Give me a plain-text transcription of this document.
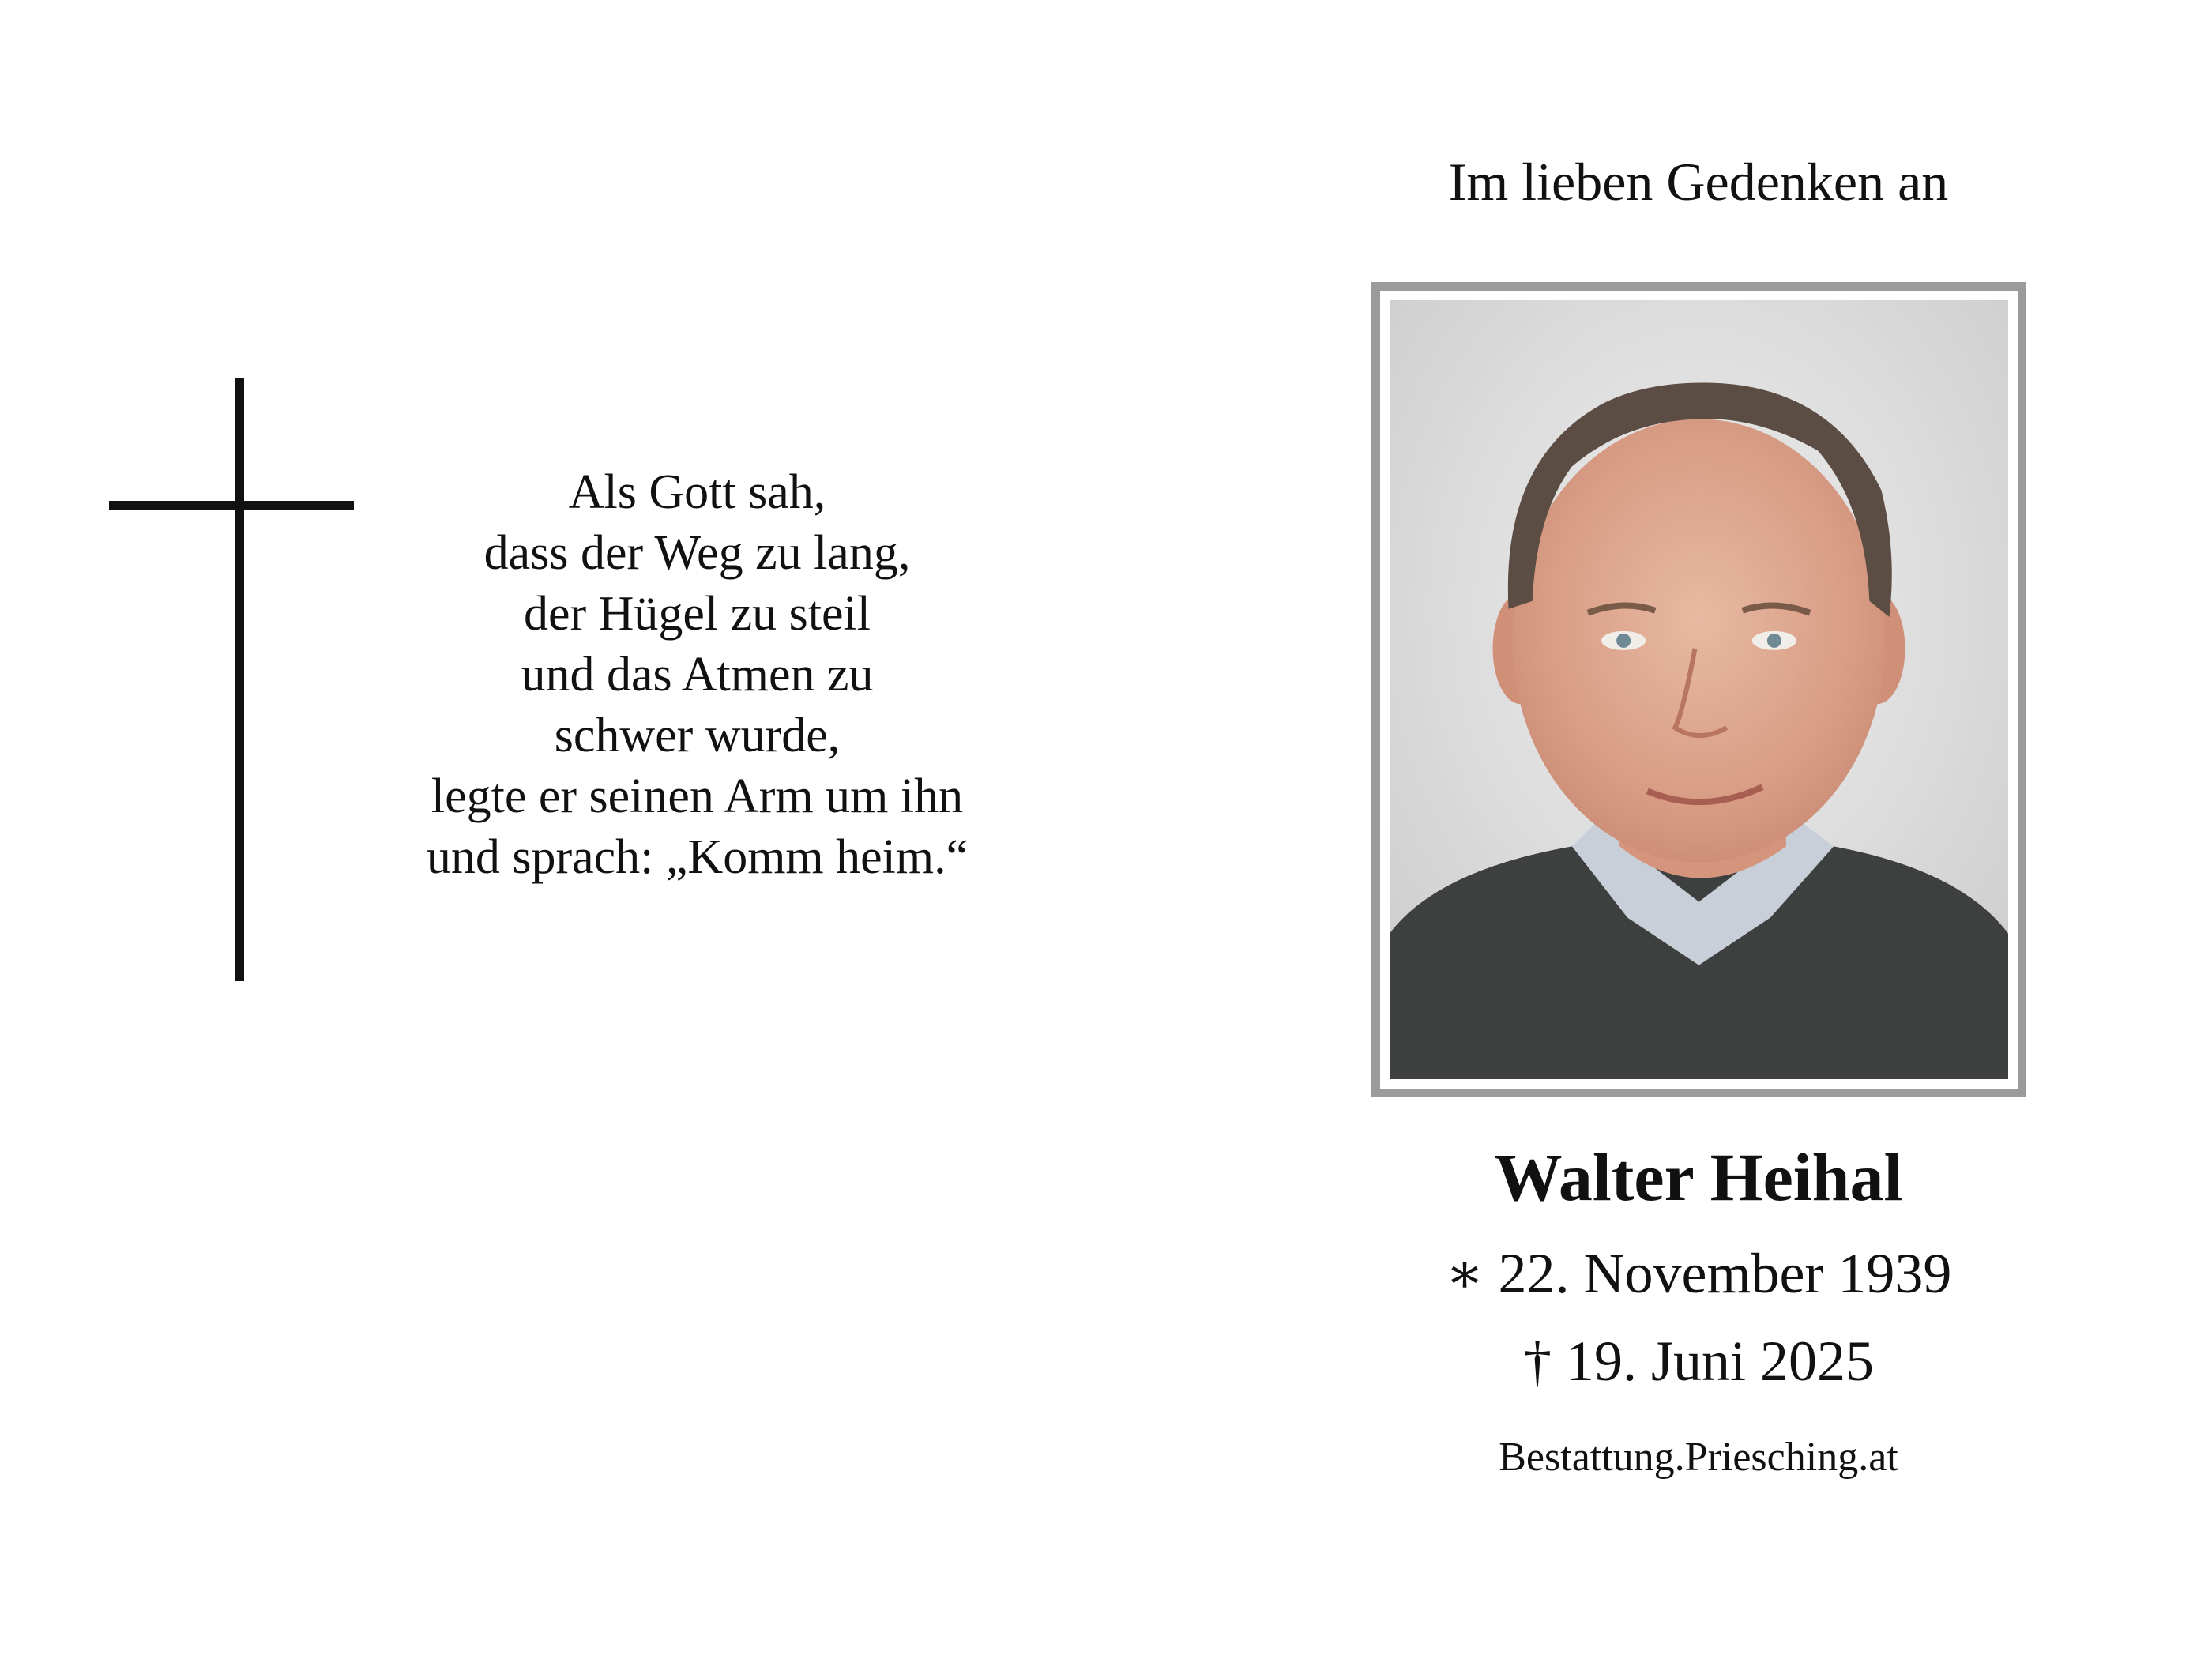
Als Gott sah,
dass der Weg zu lang,
der Hügel zu steil
und das Atmen zu
schwer wurde,
legte er seinen Arm um ihn
und sprach: „Komm heim.“
Im lieben Gedenken an
Walter Heihal
∗ 22. November 1939
† 19. Juni 2025
Bestattung.Priesching.at
